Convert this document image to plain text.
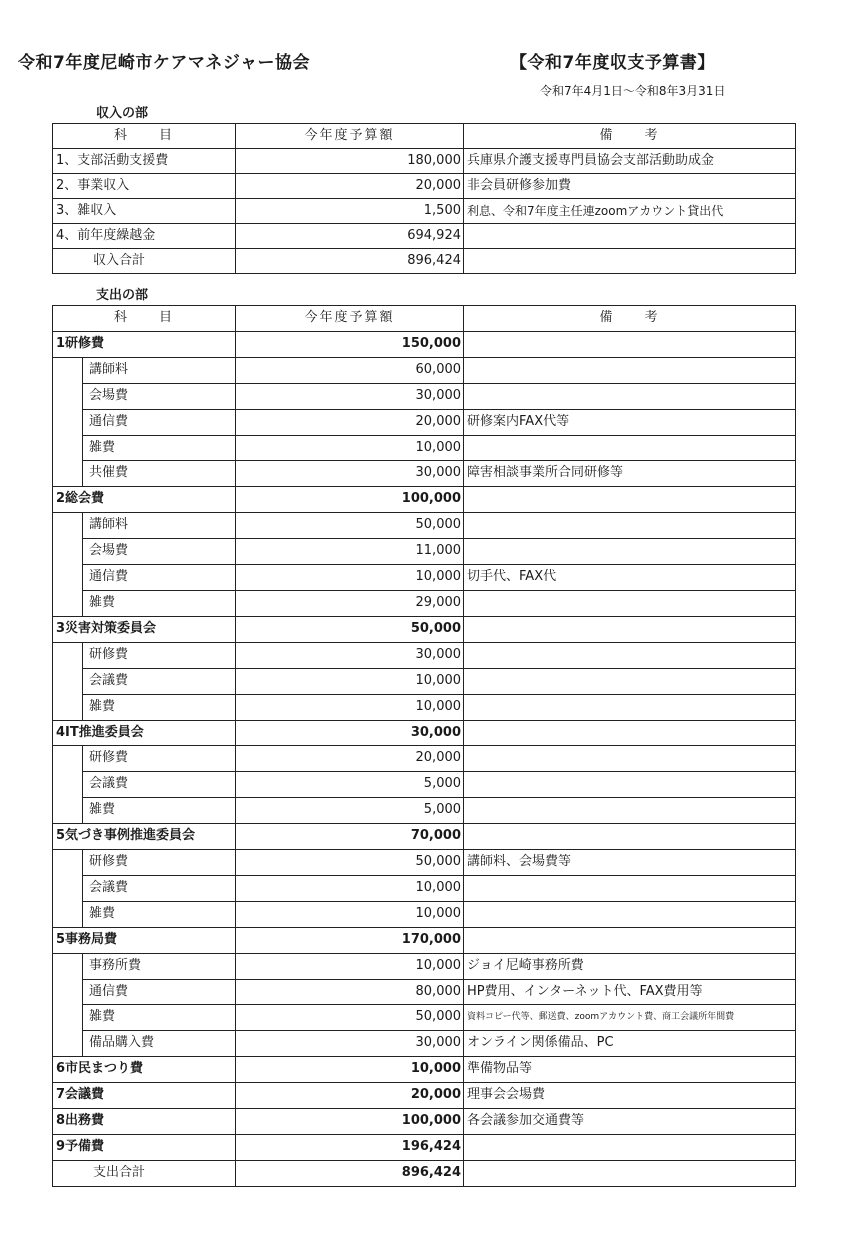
令和7年度尼崎市ケアマネジャー協会	【令和7年度収支予算書】
令和7年4月1日～令和8年3月31日
収入の部
科　　目	今年度予算額	備　　考
1、支部活動支援費	180,000	兵庫県介護支援専門員協会支部活動助成金
2、事業収入	20,000	非会員研修参加費
3、雑収入	1,500	利息、令和7年度主任連zoomアカウント貸出代
4、前年度繰越金	694,924	
収入合計	896,424	
支出の部
科　　目		今年度予算額	備　　考
1研修費		150,000	
	講師料	60,000	
	会場費	30,000	
	通信費	20,000	研修案内FAX代等
	雑費	10,000	
	共催費	30,000	障害相談事業所合同研修等
2総会費		100,000	
	講師料	50,000	
	会場費	11,000	
	通信費	10,000	切手代、FAX代
	雑費	29,000	
3災害対策委員会		50,000	
	研修費	30,000	
	会議費	10,000	
	雑費	10,000	
4IT推進委員会		30,000	
	研修費	20,000	
	会議費	5,000	
	雑費	5,000	
5気づき事例推進委員会		70,000	
	研修費	50,000	講師料、会場費等
	会議費	10,000	
	雑費	10,000	
5事務局費		170,000	
	事務所費	10,000	ジョイ尼崎事務所費
	通信費	80,000	HP費用、インターネット代、FAX費用等
	雑費	50,000	資料コピー代等、郵送費、zoomアカウント費、商工会議所年間費
	備品購入費	30,000	オンライン関係備品、PC
6市民まつり費		10,000	準備物品等
7会議費		20,000	理事会会場費
8出務費		100,000	各会議参加交通費等
9予備費		196,424	
支出合計		896,424	
